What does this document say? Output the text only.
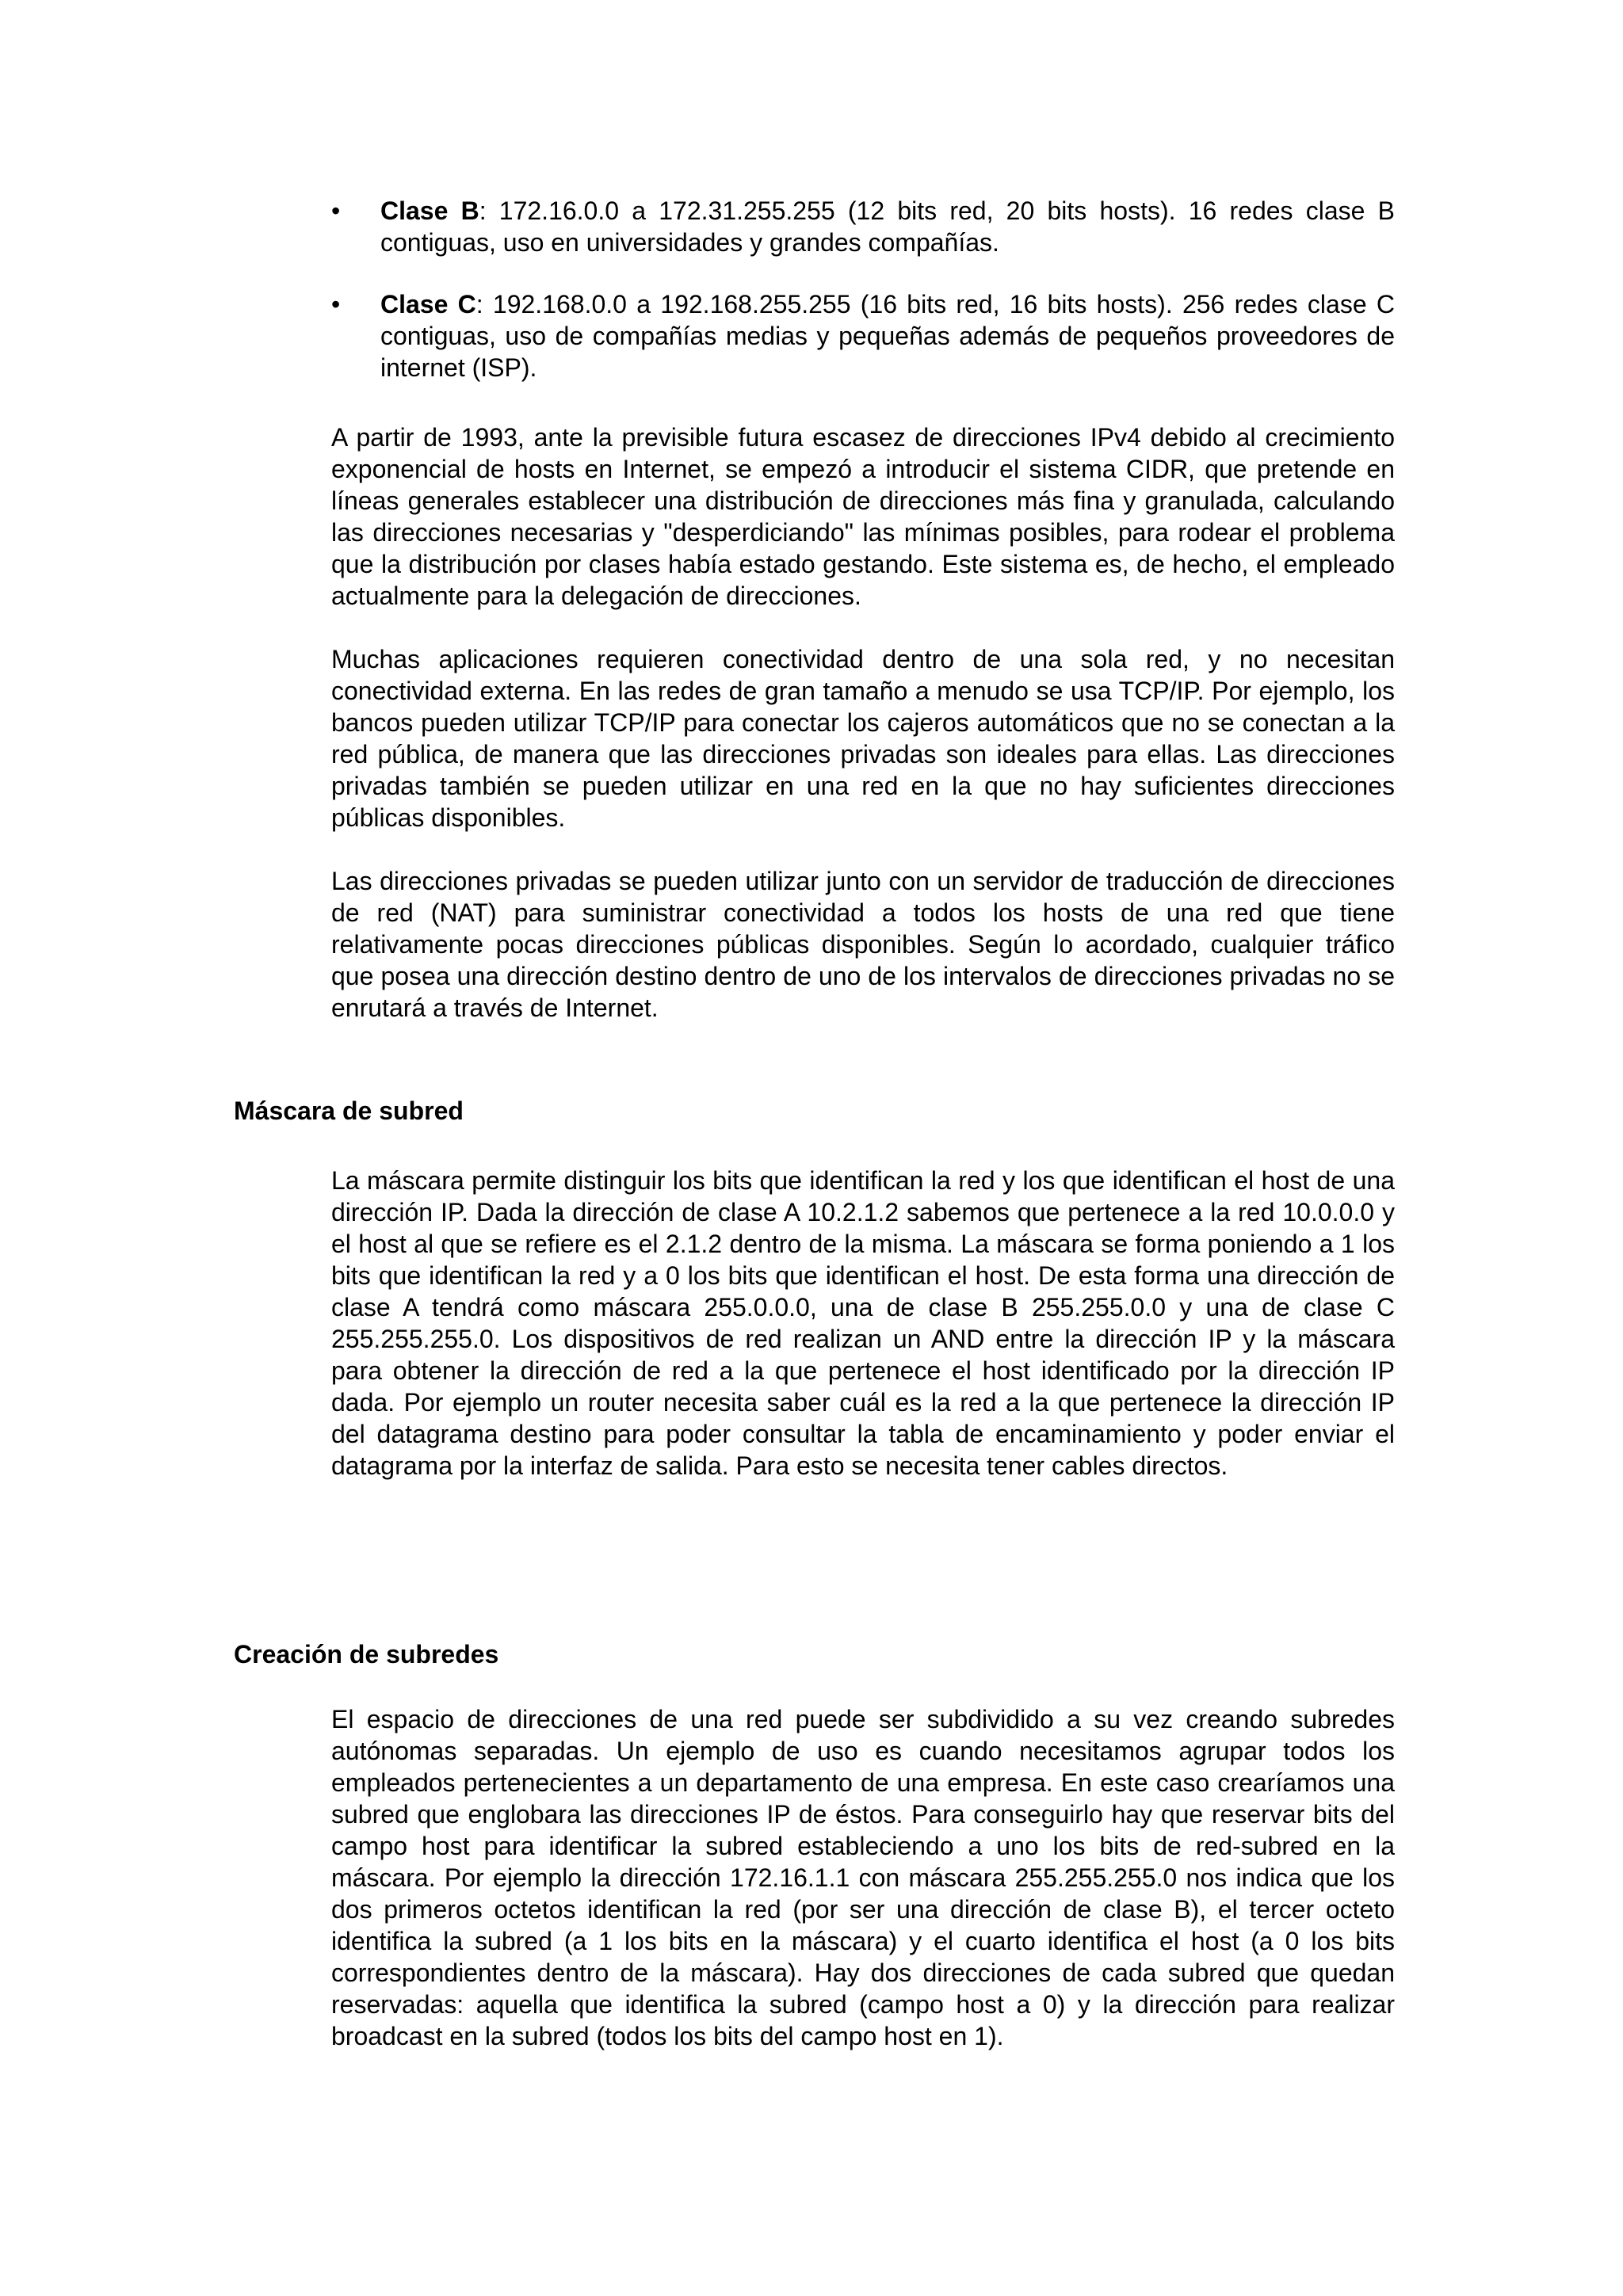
•	Clase B: 172.16.0.0 a 172.31.255.255 (12 bits red, 20 bits hosts). 16 redes clase B contiguas, uso en universidades y grandes compañías.
•	Clase C: 192.168.0.0 a 192.168.255.255 (16 bits red, 16 bits hosts). 256 redes clase C contiguas, uso de compañías medias y pequeñas además de pequeños proveedores de internet (ISP).

A partir de 1993, ante la previsible futura escasez de direcciones IPv4 debido al crecimiento exponencial de hosts en Internet, se empezó a introducir el sistema CIDR, que pretende en líneas generales establecer una distribución de direcciones más fina y granulada, calculando las direcciones necesarias y "desperdiciando" las mínimas posibles, para rodear el problema que la distribución por clases había estado gestando. Este sistema es, de hecho, el empleado actualmente para la delegación de direcciones.

Muchas aplicaciones requieren conectividad dentro de una sola red, y no necesitan conectividad externa. En las redes de gran tamaño a menudo se usa TCP/IP. Por ejemplo, los bancos pueden utilizar TCP/IP para conectar los cajeros automáticos que no se conectan a la red pública, de manera que las direcciones privadas son ideales para ellas. Las direcciones privadas también se pueden utilizar en una red en la que no hay suficientes direcciones públicas disponibles.

Las direcciones privadas se pueden utilizar junto con un servidor de traducción de direcciones de red (NAT) para suministrar conectividad a todos los hosts de una red que tiene relativamente pocas direcciones públicas disponibles. Según lo acordado, cualquier tráfico que posea una dirección destino dentro de uno de los intervalos de direcciones privadas no se enrutará a través de Internet.

Máscara de subred

La máscara permite distinguir los bits que identifican la red y los que identifican el host de una dirección IP. Dada la dirección de clase A 10.2.1.2 sabemos que pertenece a la red 10.0.0.0 y el host al que se refiere es el 2.1.2 dentro de la misma. La máscara se forma poniendo a 1 los bits que identifican la red y a 0 los bits que identifican el host. De esta forma una dirección de clase A tendrá como máscara 255.0.0.0, una de clase B 255.255.0.0 y una de clase C 255.255.255.0. Los dispositivos de red realizan un AND entre la dirección IP y la máscara para obtener la dirección de red a la que pertenece el host identificado por la dirección IP dada. Por ejemplo un router necesita saber cuál es la red a la que pertenece la dirección IP del datagrama destino para poder consultar la tabla de encaminamiento y poder enviar el datagrama por la interfaz de salida. Para esto se necesita tener cables directos.

Creación de subredes

El espacio de direcciones de una red puede ser subdividido a su vez creando subredes autónomas separadas. Un ejemplo de uso es cuando necesitamos agrupar todos los empleados pertenecientes a un departamento de una empresa. En este caso crearíamos una subred que englobara las direcciones IP de éstos. Para conseguirlo hay que reservar bits del campo host para identificar la subred estableciendo a uno los bits de red-subred en la máscara. Por ejemplo la dirección 172.16.1.1 con máscara 255.255.255.0 nos indica que los dos primeros octetos identifican la red (por ser una dirección de clase B), el tercer octeto identifica la subred (a 1 los bits en la máscara) y el cuarto identifica el host (a 0 los bits correspondientes dentro de la máscara). Hay dos direcciones de cada subred que quedan reservadas: aquella que identifica la subred (campo host a 0) y la dirección para realizar broadcast en la subred (todos los bits del campo host en 1).
